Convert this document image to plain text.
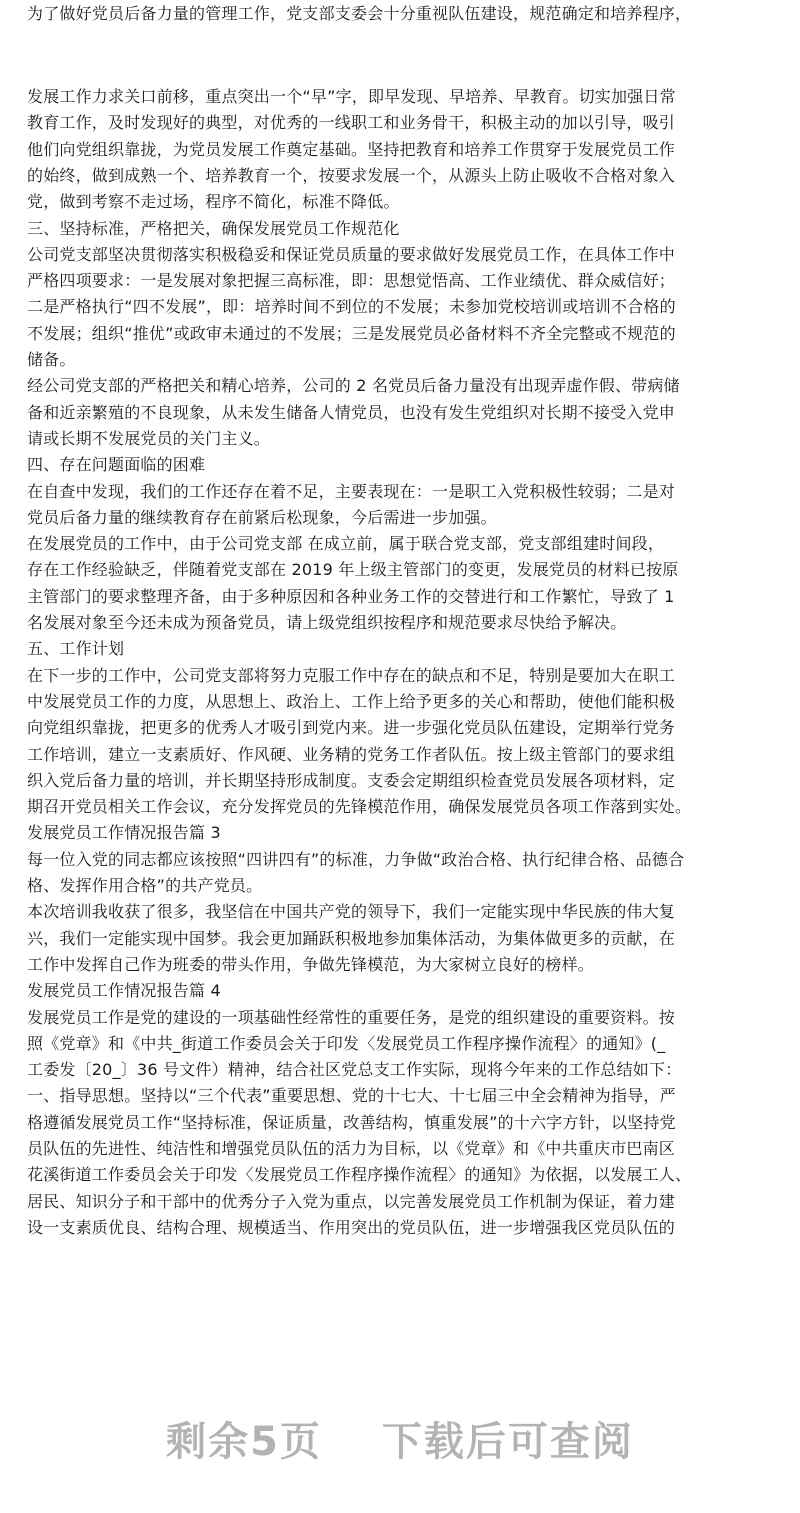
为了做好党员后备力量的管理工作，党支部支委会十分重视队伍建设，规范确定和培养程序，
发展工作力求关口前移，重点突出一个“早”字，即早发现、早培养、早教育。切实加强日常
教育工作，及时发现好的典型，对优秀的一线职工和业务骨干，积极主动的加以引导，吸引
他们向党组织靠拢，为党员发展工作奠定基础。坚持把教育和培养工作贯穿于发展党员工作
的始终，做到成熟一个、培养教育一个，按要求发展一个，从源头上防止吸收不合格对象入
党，做到考察不走过场，程序不简化，标准不降低。
三、坚持标准，严格把关，确保发展党员工作规范化
公司党支部坚决贯彻落实积极稳妥和保证党员质量的要求做好发展党员工作，在具体工作中
严格四项要求：一是发展对象把握三高标准，即：思想觉悟高、工作业绩优、群众威信好；
二是严格执行“四不发展”，即：培养时间不到位的不发展；未参加党校培训或培训不合格的
不发展；组织“推优”或政审未通过的不发展；三是发展党员必备材料不齐全完整或不规范的
储备。
经公司党支部的严格把关和精心培养，公司的 2 名党员后备力量没有出现弄虚作假、带病储
备和近亲繁殖的不良现象，从未发生储备人情党员，也没有发生党组织对长期不接受入党申
请或长期不发展党员的关门主义。
四、存在问题面临的困难
在自查中发现，我们的工作还存在着不足，主要表现在：一是职工入党积极性较弱；二是对
党员后备力量的继续教育存在前紧后松现象，今后需进一步加强。
在发展党员的工作中，由于公司党支部 在成立前，属于联合党支部，党支部组建时间段，
存在工作经验缺乏，伴随着党支部在 2019 年上级主管部门的变更，发展党员的材料已按原
主管部门的要求整理齐备，由于多种原因和各种业务工作的交替进行和工作繁忙，导致了 1
名发展对象至今还未成为预备党员，请上级党组织按程序和规范要求尽快给予解决。
五、工作计划
在下一步的工作中，公司党支部将努力克服工作中存在的缺点和不足，特别是要加大在职工
中发展党员工作的力度，从思想上、政治上、工作上给予更多的关心和帮助，使他们能积极
向党组织靠拢，把更多的优秀人才吸引到党内来。进一步强化党员队伍建设，定期举行党务
工作培训，建立一支素质好、作风硬、业务精的党务工作者队伍。按上级主管部门的要求组
织入党后备力量的培训，并长期坚持形成制度。支委会定期组织检查党员发展各项材料，定
期召开党员相关工作会议，充分发挥党员的先锋模范作用，确保发展党员各项工作落到实处。
发展党员工作情况报告篇 3
每一位入党的同志都应该按照“四讲四有”的标准，力争做“政治合格、执行纪律合格、品德合
格、发挥作用合格”的共产党员。
本次培训我收获了很多，我坚信在中国共产党的领导下，我们一定能实现中华民族的伟大复
兴，我们一定能实现中国梦。我会更加踊跃积极地参加集体活动，为集体做更多的贡献，在
工作中发挥自己作为班委的带头作用，争做先锋模范，为大家树立良好的榜样。
发展党员工作情况报告篇 4
发展党员工作是党的建设的一项基础性经常性的重要任务，是党的组织建设的重要资料。按
照《党章》和《中共_街道工作委员会关于印发〈发展党员工作程序操作流程〉的通知》(_
工委发〔20_〕36 号文件）精神，结合社区党总支工作实际，现将今年来的工作总结如下：
一、指导思想。坚持以“三个代表”重要思想、党的十七大、十七届三中全会精神为指导，严
格遵循发展党员工作“坚持标准，保证质量，改善结构，慎重发展”的十六字方针，以坚持党
员队伍的先进性、纯洁性和增强党员队伍的活力为目标，以《党章》和《中共重庆市巴南区
花溪街道工作委员会关于印发〈发展党员工作程序操作流程〉的通知》为依据，以发展工人、
居民、知识分子和干部中的优秀分子入党为重点，以完善发展党员工作机制为保证，着力建
设一支素质优良、结构合理、规模适当、作用突出的党员队伍，进一步增强我区党员队伍的
剩余5页 下载后可查阅
